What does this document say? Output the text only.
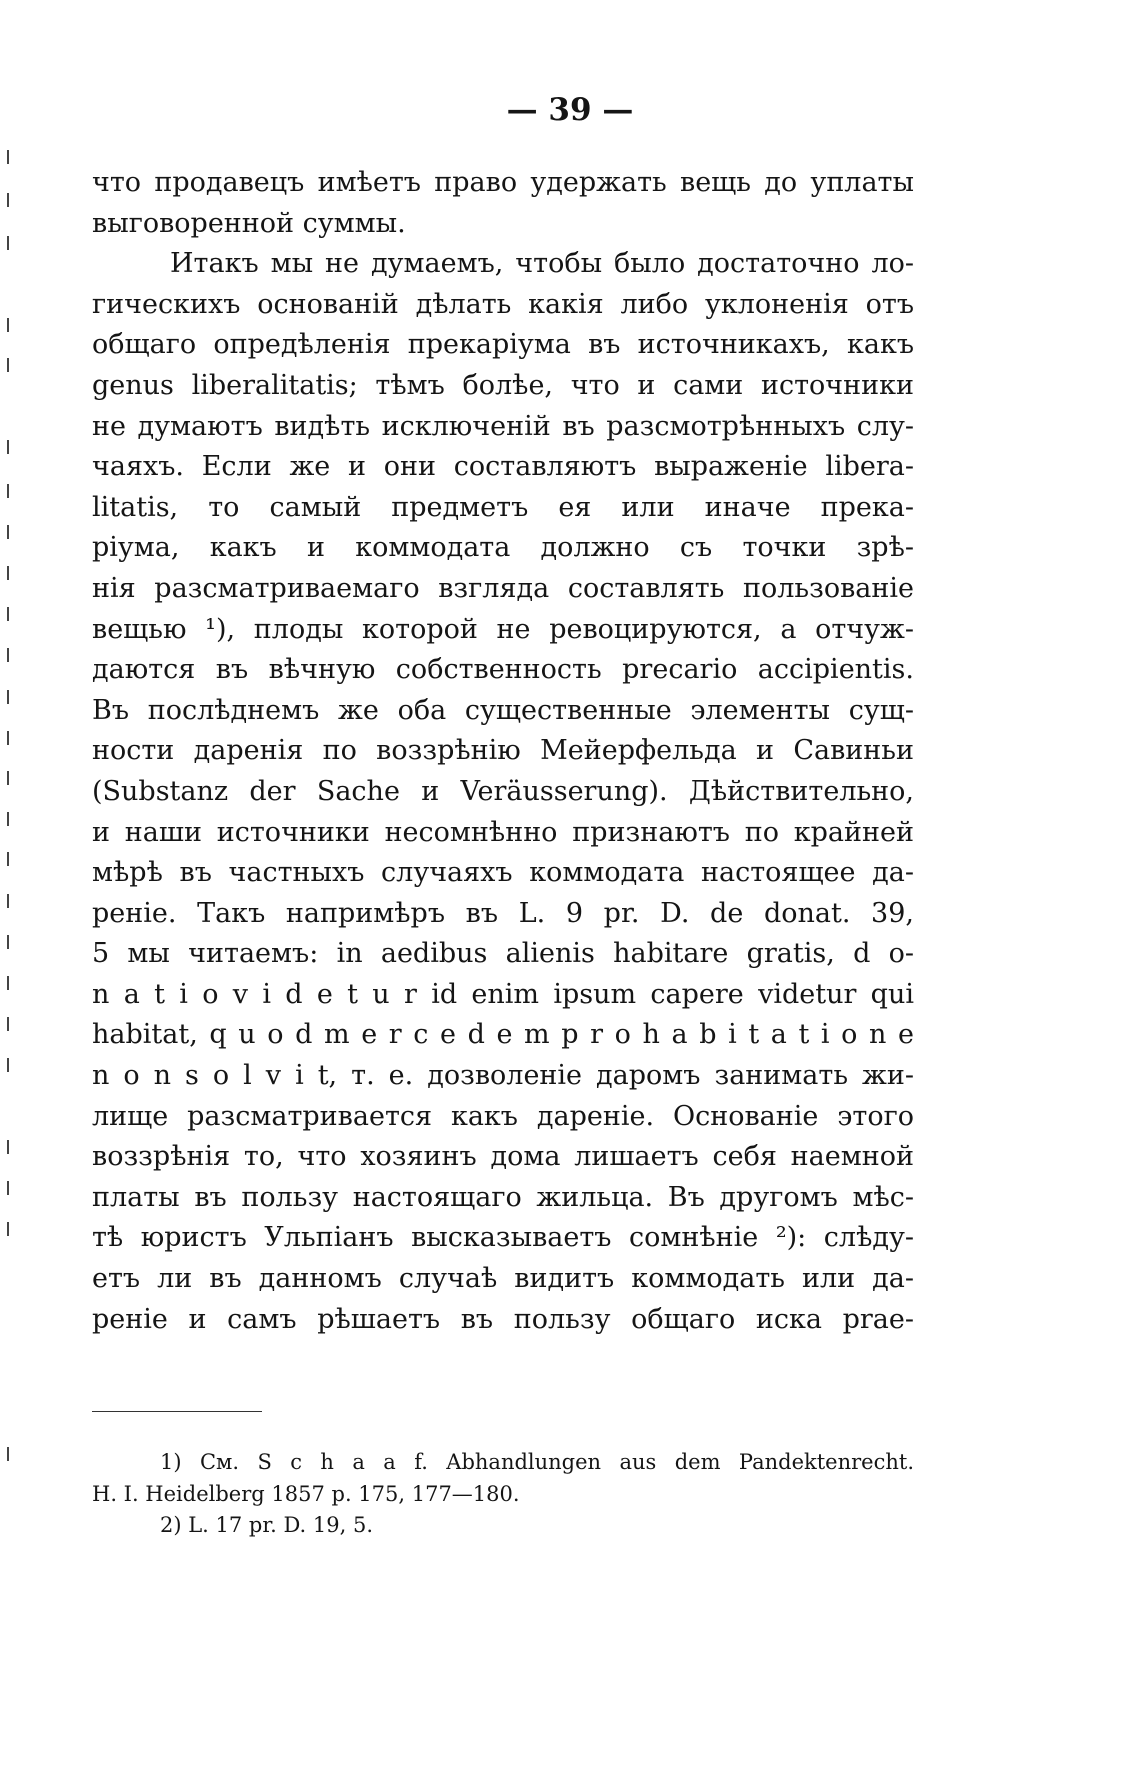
— 39 —
что продавецъ имѣетъ право удержать вещь до уплаты
выговоренной суммы.
Итакъ мы не думаемъ, чтобы было достаточно ло-
гическихъ основаній дѣлать какія либо уклоненія отъ
общаго опредѣленія прекаріума въ источникахъ, какъ
genus liberalitatis; тѣмъ болѣе, что и сами источники
не думаютъ видѣть исключеній въ разсмотрѣнныхъ слу-
чаяхъ. Если же и они составляютъ выраженіе libera-
litatis, то самый предметъ ея или иначе прека-
ріума, какъ и коммодата должно съ точки зрѣ-
нія разсматриваемаго взгляда составлять пользованіе
вещью ¹), плоды которой не ревоцируются, а отчуж-
даются въ вѣчную собственность precario accipientis.
Въ послѣднемъ же оба существенные элементы сущ-
ности даренія по воззрѣнію Мейерфельда и Савиньи
(Substanz der Sache и Veräusserung). Дѣйствительно,
и наши источники несомнѣнно признаютъ по крайней
мѣрѣ въ частныхъ случаяхъ коммодата настоящее да-
реніе. Такъ напримѣръ въ L. 9 pr. D. de donat. 39,
5 мы читаемъ: in aedibus alienis habitare gratis, d o-
n a t i o v i d e t u r id enim ipsum capere videtur qui
habitat, q u o d m e r c e d e m p r o h a b i t a t i o n e
n o n s o l v i t, т. е. дозволеніе даромъ занимать жи-
лище разсматривается какъ дареніе. Основаніе этого
воззрѣнія то, что хозяинъ дома лишаетъ себя наемной
платы въ пользу настоящаго жильца. Въ другомъ мѣс-
тѣ юристъ Ульпіанъ высказываетъ сомнѣніе ²): слѣду-
етъ ли въ данномъ случаѣ видитъ коммодать или да-
реніе и самъ рѣшаетъ въ пользу общаго иска prae-
1) См. S c h a a f. Abhandlungen aus dem Pandektenrecht.
H. I. Heidelberg 1857 p. 175, 177—180.
2) L. 17 pr. D. 19, 5.
